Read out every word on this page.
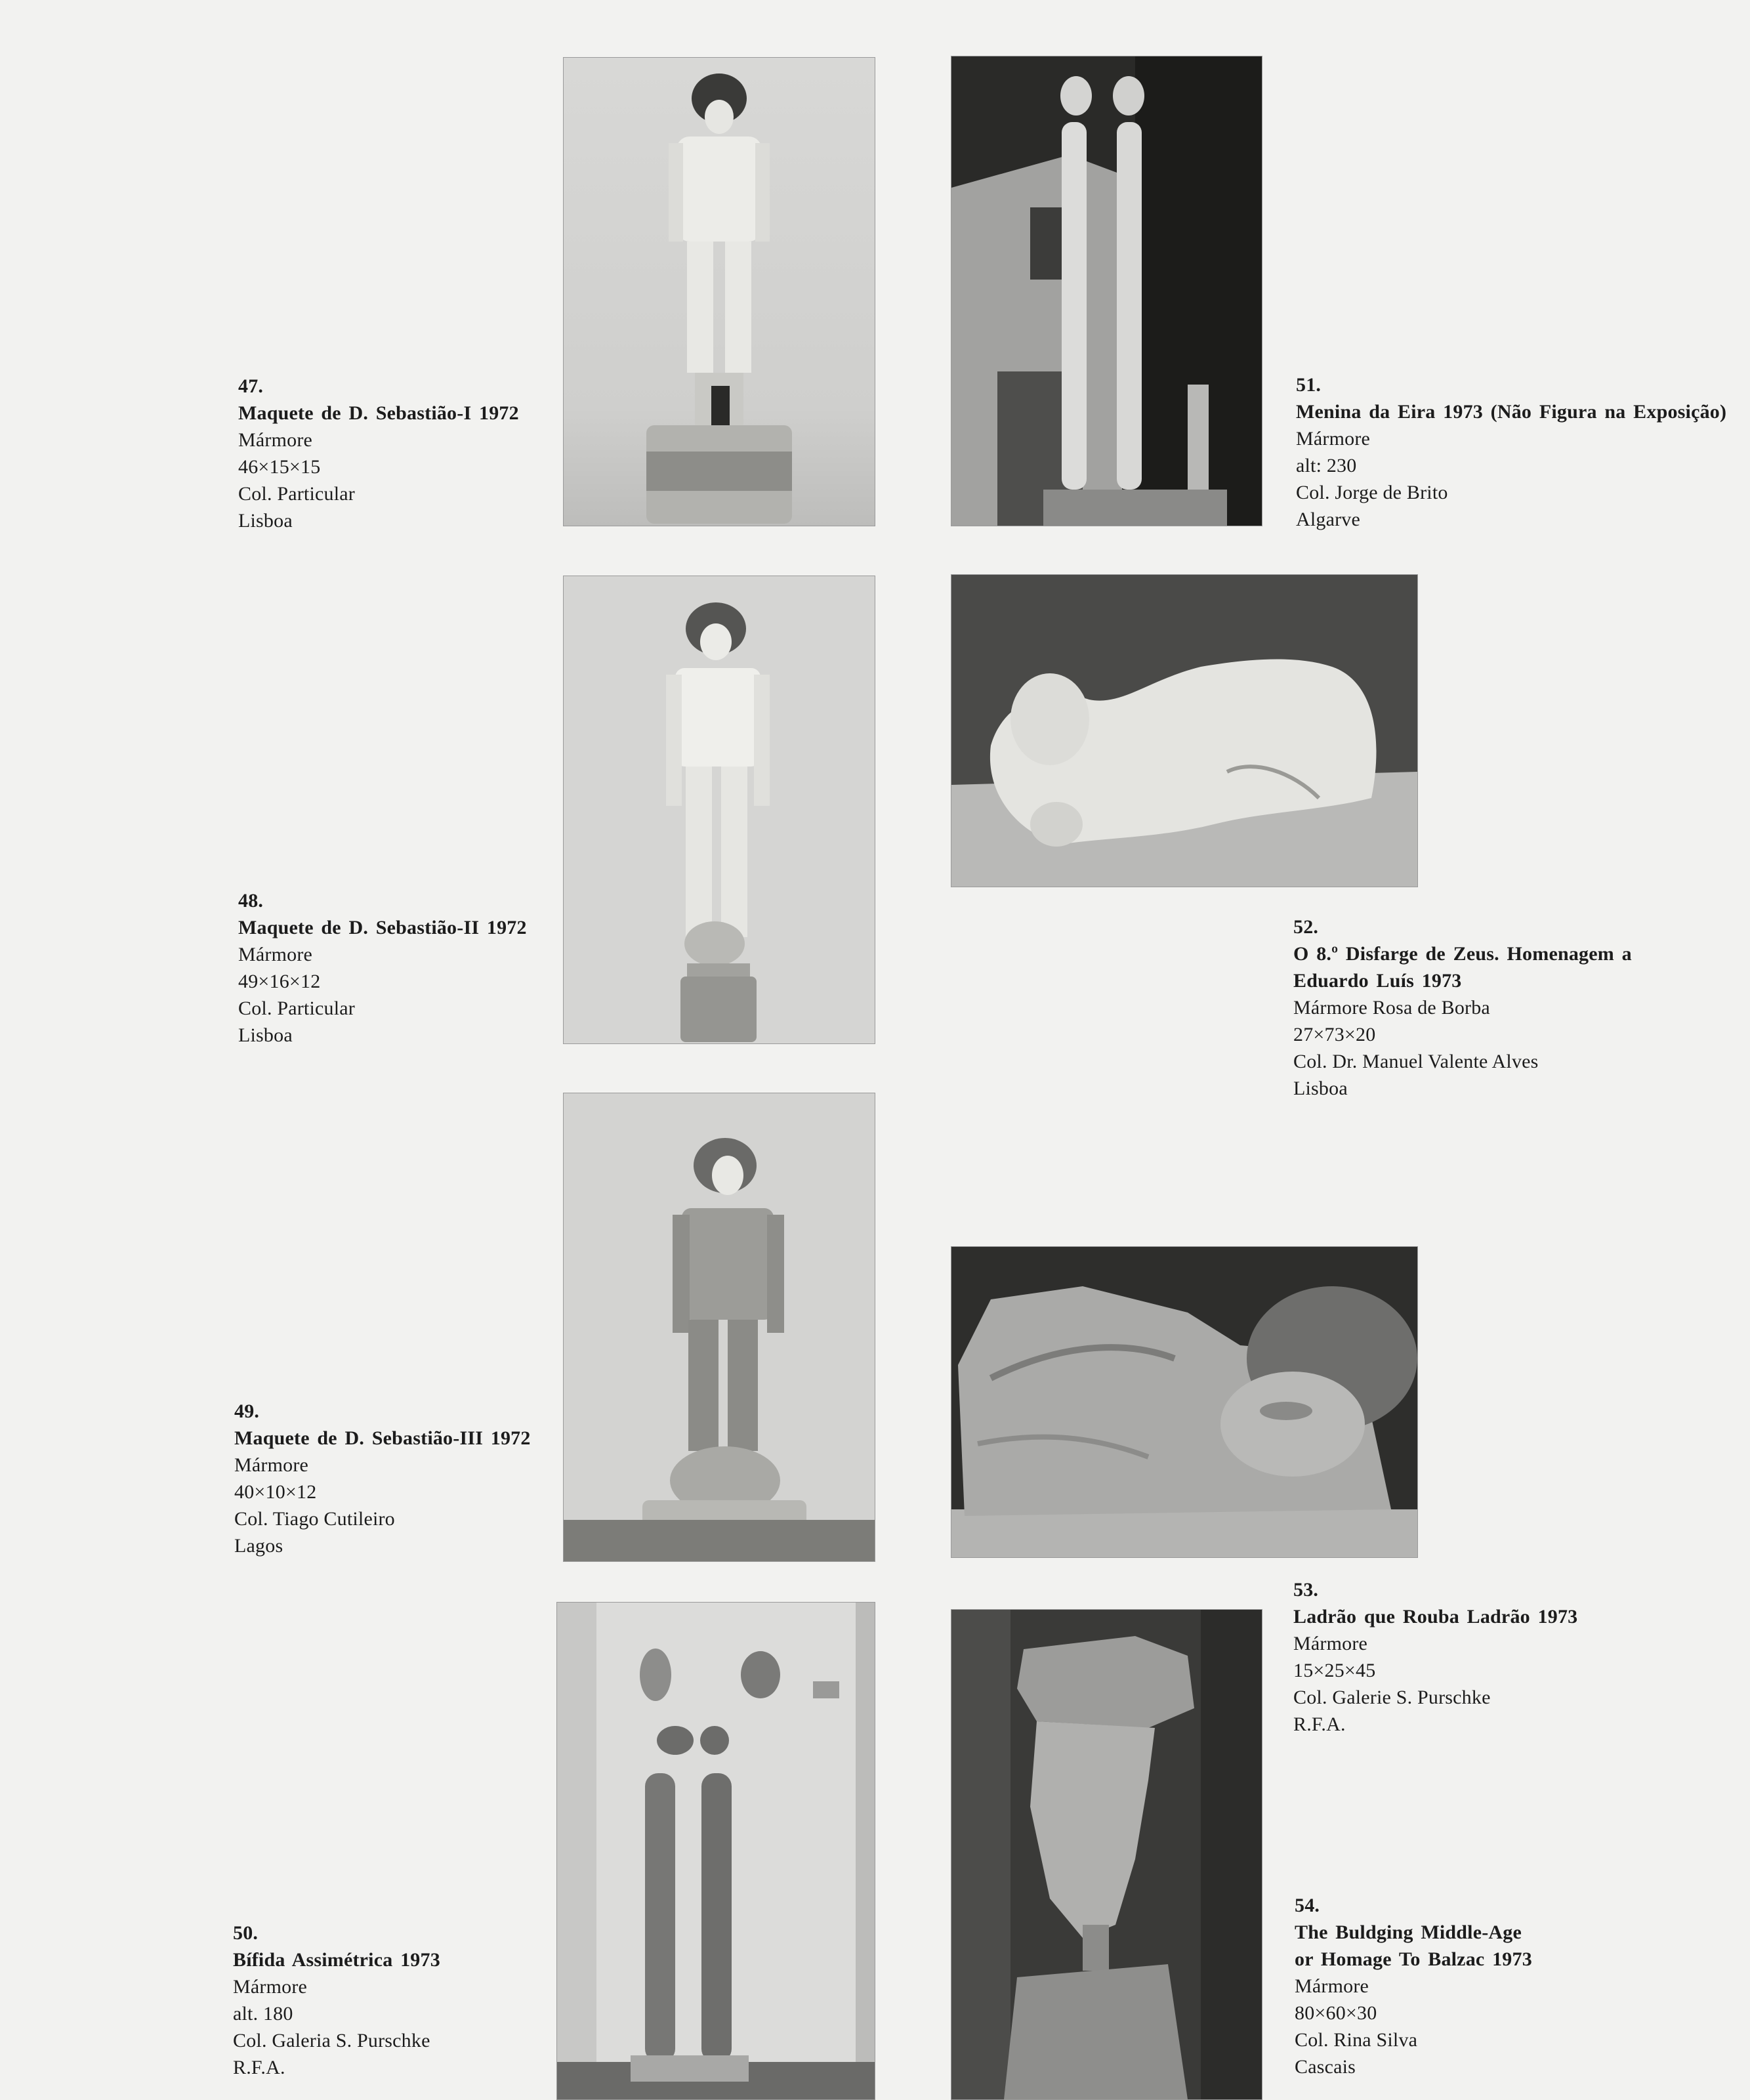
47.
Maquete de D. Sebastião-I 1972
Mármore
46×15×15
Col. Particular
Lisboa
48.
Maquete de D. Sebastião-II 1972
Mármore
49×16×12
Col. Particular
Lisboa
49.
Maquete de D. Sebastião-III 1972
Mármore
40×10×12
Col. Tiago Cutileiro
Lagos
50.
Bífida Assimétrica 1973
Mármore
alt. 180
Col. Galeria S. Purschke
R.F.A.
51.
Menina da Eira 1973 (Não Figura na Exposição)
Mármore
alt: 230
Col. Jorge de Brito
Algarve
52.
O 8.º Disfarge de Zeus. Homenagem a
Eduardo Luís 1973
Mármore Rosa de Borba
27×73×20
Col. Dr. Manuel Valente Alves
Lisboa
53.
Ladrão que Rouba Ladrão 1973
Mármore
15×25×45
Col. Galerie S. Purschke
R.F.A.
54.
The Buldging Middle-Age
or Homage To Balzac 1973
Mármore
80×60×30
Col. Rina Silva
Cascais
